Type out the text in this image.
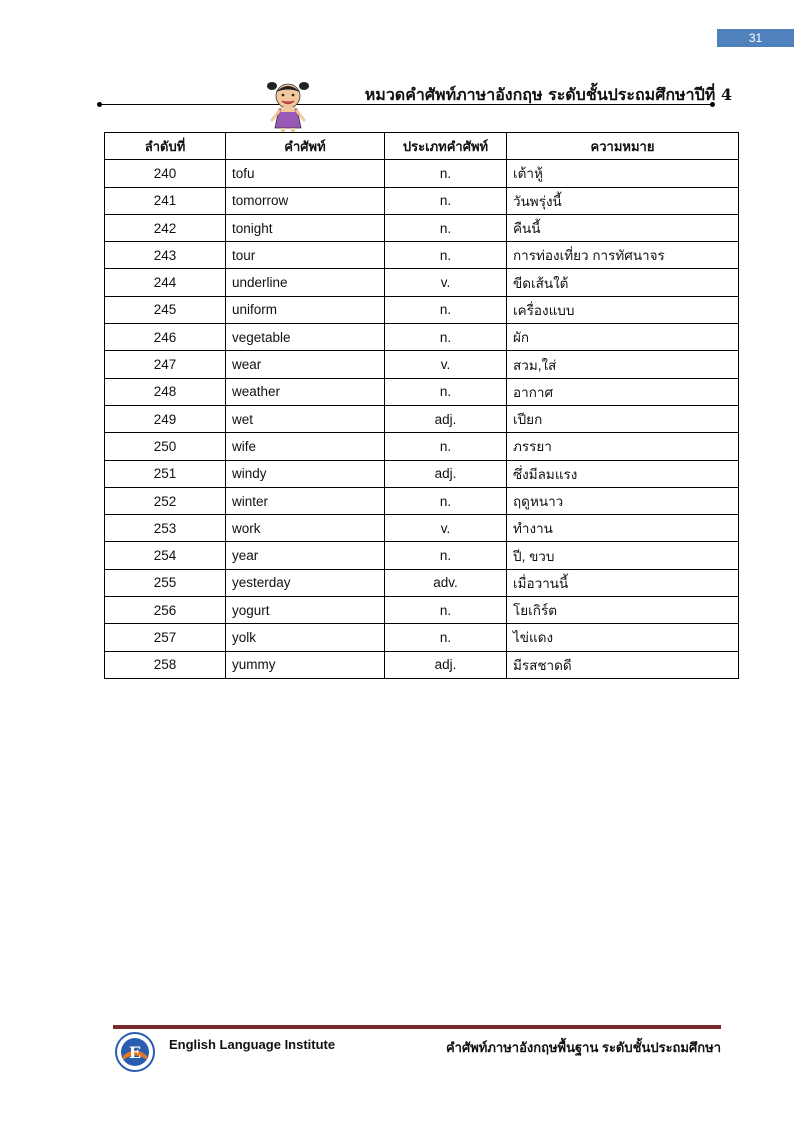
31
หมวดคำศัพท์ภาษาอังกฤษ ระดับชั้นประถมศึกษาปีที่ 4
ลำดับที่	คำศัพท์	ประเภทคำศัพท์	ความหมาย
240	tofu	n.	เต้าหู้
241	tomorrow	n.	วันพรุ่งนี้
242	tonight	n.	คืนนี้
243	tour	n.	การท่องเที่ยว การทัศนาจร
244	underline	v.	ขีดเส้นใต้
245	uniform	n.	เครื่องแบบ
246	vegetable	n.	ผัก
247	wear	v.	สวม,ใส่
248	weather	n.	อากาศ
249	wet	adj.	เปียก
250	wife	n.	ภรรยา
251	windy	adj.	ซึ่งมีลมแรง
252	winter	n.	ฤดูหนาว
253	work	v.	ทำงาน
254	year	n.	ปี, ขวบ
255	yesterday	adv.	เมื่อวานนี้
256	yogurt	n.	โยเกิร์ต
257	yolk	n.	ไข่แดง
258	yummy	adj.	มีรสชาดดี
E English Language Institute	คำศัพท์ภาษาอังกฤษพื้นฐาน ระดับชั้นประถมศึกษา
